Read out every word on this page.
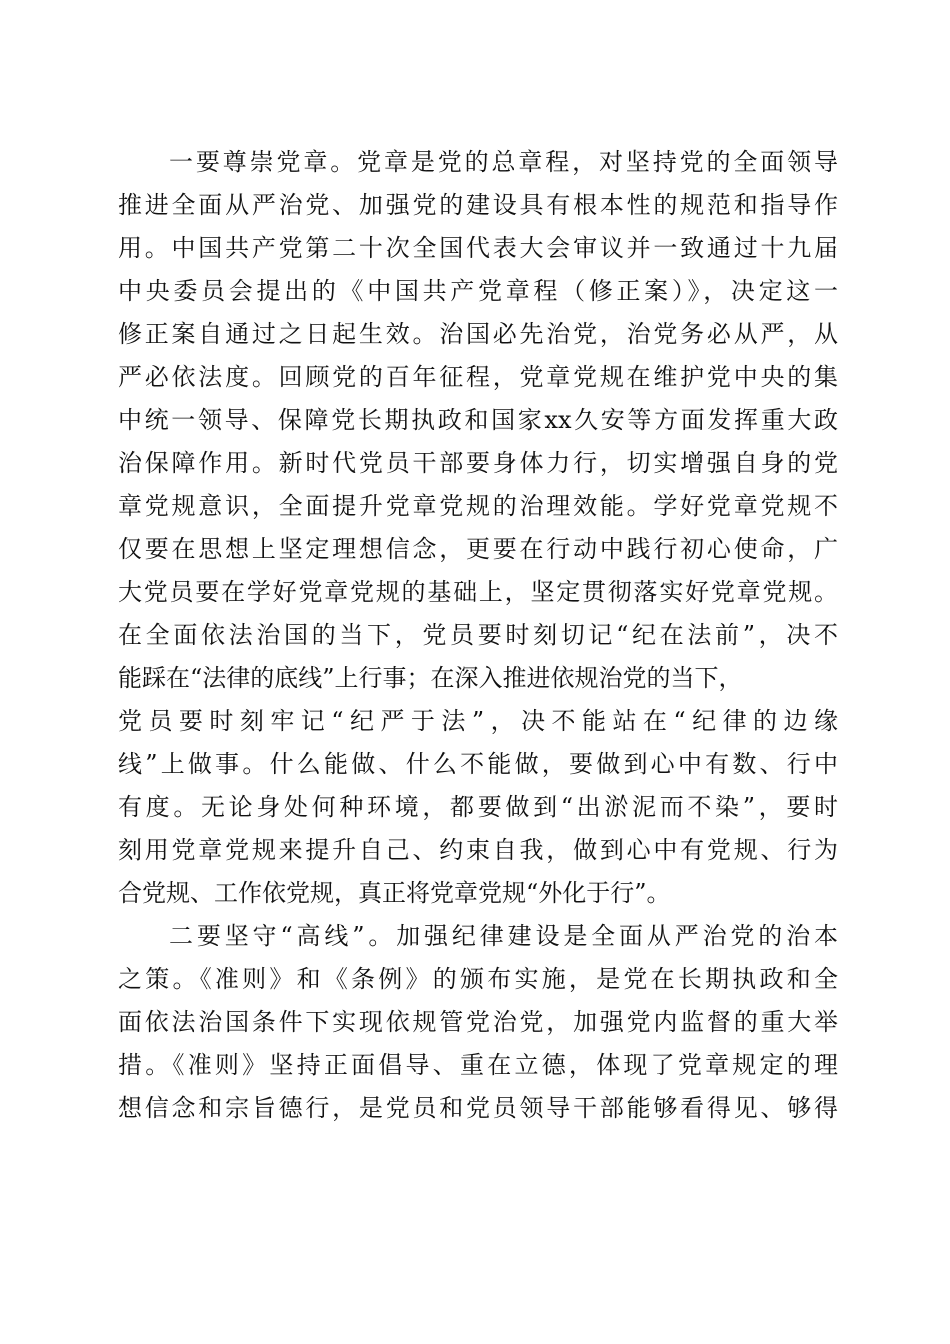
一要尊崇党章。党章是党的总章程，对坚持党的全面领导
推进全面从严治党、加强党的建设具有根本性的规范和指导作
用。中国共产党第二十次全国代表大会审议并一致通过十九届
中央委员会提出的《中国共产党章程（修正案）》，决定这一
修正案自通过之日起生效。治国必先治党，治党务必从严，从
严必依法度。回顾党的百年征程，党章党规在维护党中央的集
中统一领导、保障党长期执政和国家xx久安等方面发挥重大政
治保障作用。新时代党员干部要身体力行，切实增强自身的党
章党规意识，全面提升党章党规的治理效能。学好党章党规不
仅要在思想上坚定理想信念，更要在行动中践行初心使命，广
大党员要在学好党章党规的基础上，坚定贯彻落实好党章党规。
在全面依法治国的当下，党员要时刻切记“纪在法前”，决不
能踩在“法律的底线”上行事；在深入推进依规治党的当下，
党员要时刻牢记“纪严于法”，决不能站在“纪律的边缘
线”上做事。什么能做、什么不能做，要做到心中有数、行中
有度。无论身处何种环境，都要做到“出淤泥而不染”，要时
刻用党章党规来提升自己、约束自我，做到心中有党规、行为
合党规、工作依党规，真正将党章党规“外化于行”。
二要坚守“高线”。加强纪律建设是全面从严治党的治本
之策。《准则》和《条例》的颁布实施，是党在长期执政和全
面依法治国条件下实现依规管党治党，加强党内监督的重大举
措。《准则》坚持正面倡导、重在立德，体现了党章规定的理
想信念和宗旨德行，是党员和党员领导干部能够看得见、够得
